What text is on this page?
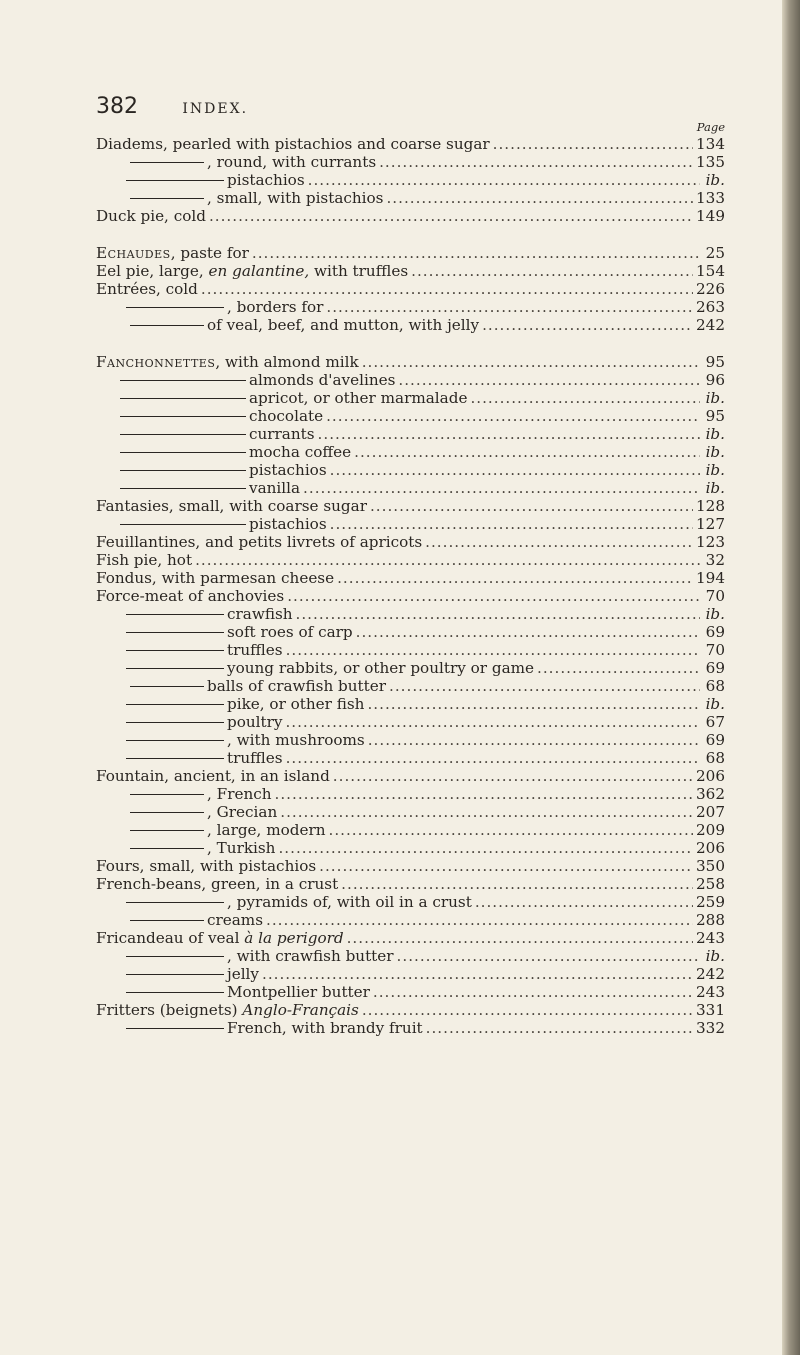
382	INDEX.
Page
Diadems, pearled with pistachios and coarse sugar .....	134
, round, with currants .....	135
pistachios .....	ib.
, small, with pistachios .....	133
Duck pie, cold .....	149
Echaudes, paste for .....	25
Eel pie, large, en galantine, with truffles .....	154
Entrées, cold .....	226
, borders for .....	263
of veal, beef, and mutton, with jelly .....	242
Fanchonnettes, with almond milk .....	95
almonds d'avelines .....	96
apricot, or other marmalade .....	ib.
chocolate .....	95
currants .....	ib.
mocha coffee .....	ib.
pistachios .....	ib.
vanilla .....	ib.
Fantasies, small, with coarse sugar .....	128
pistachios .....	127
Feuillantines, and petits livrets of apricots .....	123
Fish pie, hot .....	32
Fondus, with parmesan cheese .....	194
Force-meat of anchovies .....	70
crawfish .....	ib.
soft roes of carp .....	69
truffles .....	70
young rabbits, or other poultry or game .....	69
balls of crawfish butter .....	68
pike, or other fish .....	ib.
poultry .....	67
, with mushrooms .....	69
truffles .....	68
Fountain, ancient, in an island .....	206
, French .....	362
, Grecian .....	207
, large, modern .....	209
, Turkish .....	206
Fours, small, with pistachios .....	350
French-beans, green, in a crust .....	258
, pyramids of, with oil in a crust .....	259
creams .....	288
Fricandeau of veal à la perigord .....	243
, with crawfish butter .....	ib.
jelly .....	242
Montpellier butter .....	243
Fritters (beignets) Anglo-Français .....	331
French, with brandy fruit .....	332
